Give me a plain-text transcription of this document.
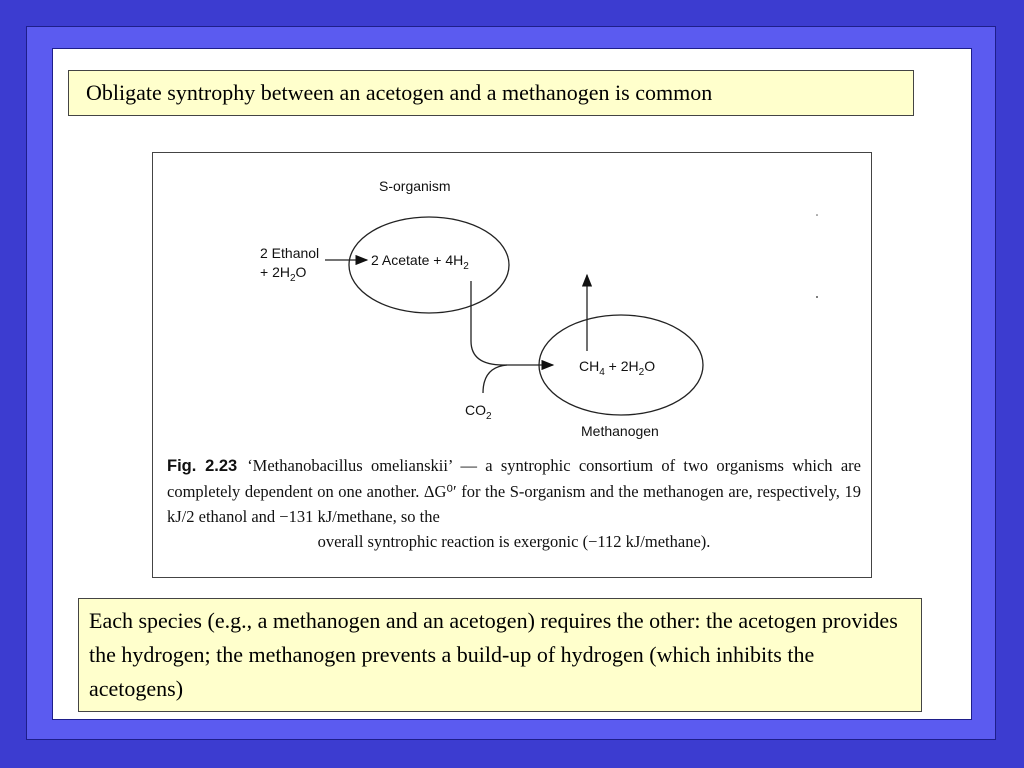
Obligate syntrophy between an acetogen and a methanogen is common
S-organism
2 Ethanol
+ $2H_2O$
2 Acetate + $4H_2$
$CO_2$
$CH_4 + 2H_2O$
Methanogen
Fig. 2.23 ‘Methanobacillus omelianskii’ — a syntrophic consortium of two organisms which are completely dependent on one another. ΔG⁰′ for the S-organism and the methanogen are, respectively, 19 kJ/2 ethanol and −131 kJ/methane, so the
overall syntrophic reaction is exergonic (−112 kJ/methane).
Each species (e.g., a methanogen and an acetogen) requires the other: the acetogen provides the hydrogen; the methanogen prevents a build-up of hydrogen (which inhibits the acetogens)
